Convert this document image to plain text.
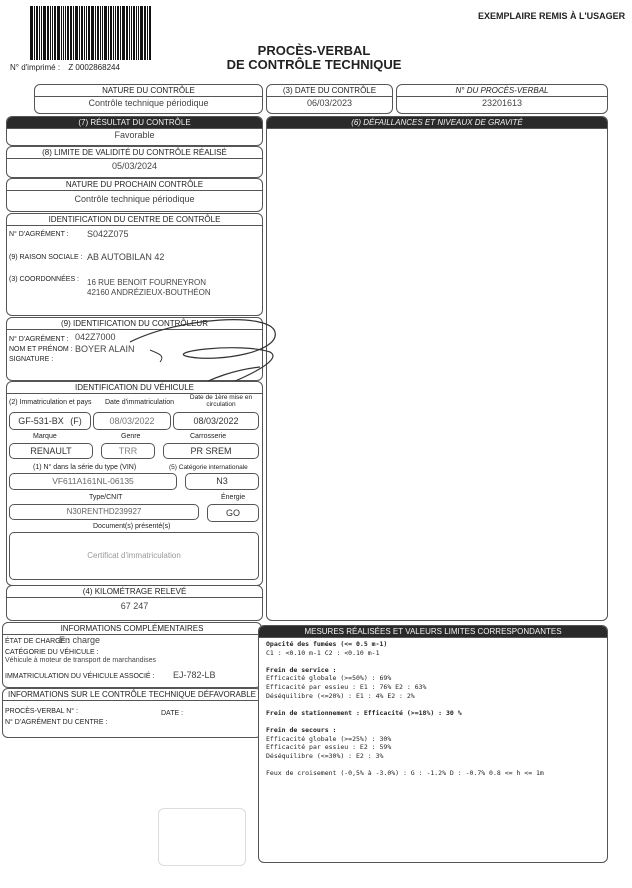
EXEMPLAIRE REMIS À L'USAGER
PROCÈS-VERBAL
DE CONTRÔLE TECHNIQUE
N° d'imprimé : Z 0002868244
NATURE DU CONTRÔLE
Contrôle technique périodique
(3) DATE DU CONTRÔLE
06/03/2023
N° DU PROCÈS-VERBAL
23201613
(7) RÉSULTAT DU CONTRÔLE
Favorable
(6) DÉFAILLANCES ET NIVEAUX DE GRAVITÉ
(8) LIMITE DE VALIDITÉ DU CONTRÔLE RÉALISÉ
05/03/2024
NATURE DU PROCHAIN CONTRÔLE
Contrôle technique périodique
IDENTIFICATION DU CENTRE DE CONTRÔLE
N° D'AGRÉMENT : S042Z075
(9) RAISON SOCIALE : AB AUTOBILAN 42
(3) COORDONNÉES : 16 RUE BENOIT FOURNEYRON
42160 ANDRÉZIEUX-BOUTHÉON
(9) IDENTIFICATION DU CONTRÔLEUR
N° D'AGRÉMENT : 042Z7000
NOM ET PRÉNOM : BOYER ALAIN
SIGNATURE :
IDENTIFICATION DU VÉHICULE
(2) Immatriculation et pays Date d'immatriculation
Date de 1ère mise en circulation
GF-531-BX (F)	08/03/2022	08/03/2022
Marque	Genre	Carrosserie
RENAULT	TRR	PR SREM
(1) N° dans la série du type (VIN)	(5) Catégorie internationale
VF611A161NL-06135	N3
Type/CNIT	Énergie
N30RENTHD239927	GO
Document(s) présenté(s)
Certificat d'immatriculation
(4) KILOMÉTRAGE RELEVÉ
67 247
INFORMATIONS COMPLÉMENTAIRES
ÉTAT DE CHARGE :
En charge
CATÉGORIE DU VÉHICULE :
Véhicule à moteur de transport de marchandises
IMMATRICULATION DU VÉHICULE ASSOCIÉ : EJ-782-LB
INFORMATIONS SUR LE CONTRÔLE TECHNIQUE DÉFAVORABLE
PROCÈS-VERBAL N° :	DATE :
N° D'AGRÉMENT DU CENTRE :
MESURES RÉALISÉES ET VALEURS LIMITES CORRESPONDANTES
Opacité des fumées (<= 0.5 m-1)
C1 : <0.10 m-1 C2 : <0.10 m-1
Frein de service :
Efficacité globale (>=50%) : 69%
Efficacité par essieu : E1 : 76% E2 : 63%
Déséquilibre (<=20%) : E1 : 4% E2 : 2%
Frein de stationnement : Efficacité (>=18%) : 30 %
Frein de secours :
Efficacité globale (>=25%) : 30%
Efficacité par essieu : E2 : 59%
Déséquilibre (<=30%) : E2 : 3%
Feux de croisement (-0,5% à -3.0%) : G : -1.2% D : -0.7% 0.8 <= h <= 1m
